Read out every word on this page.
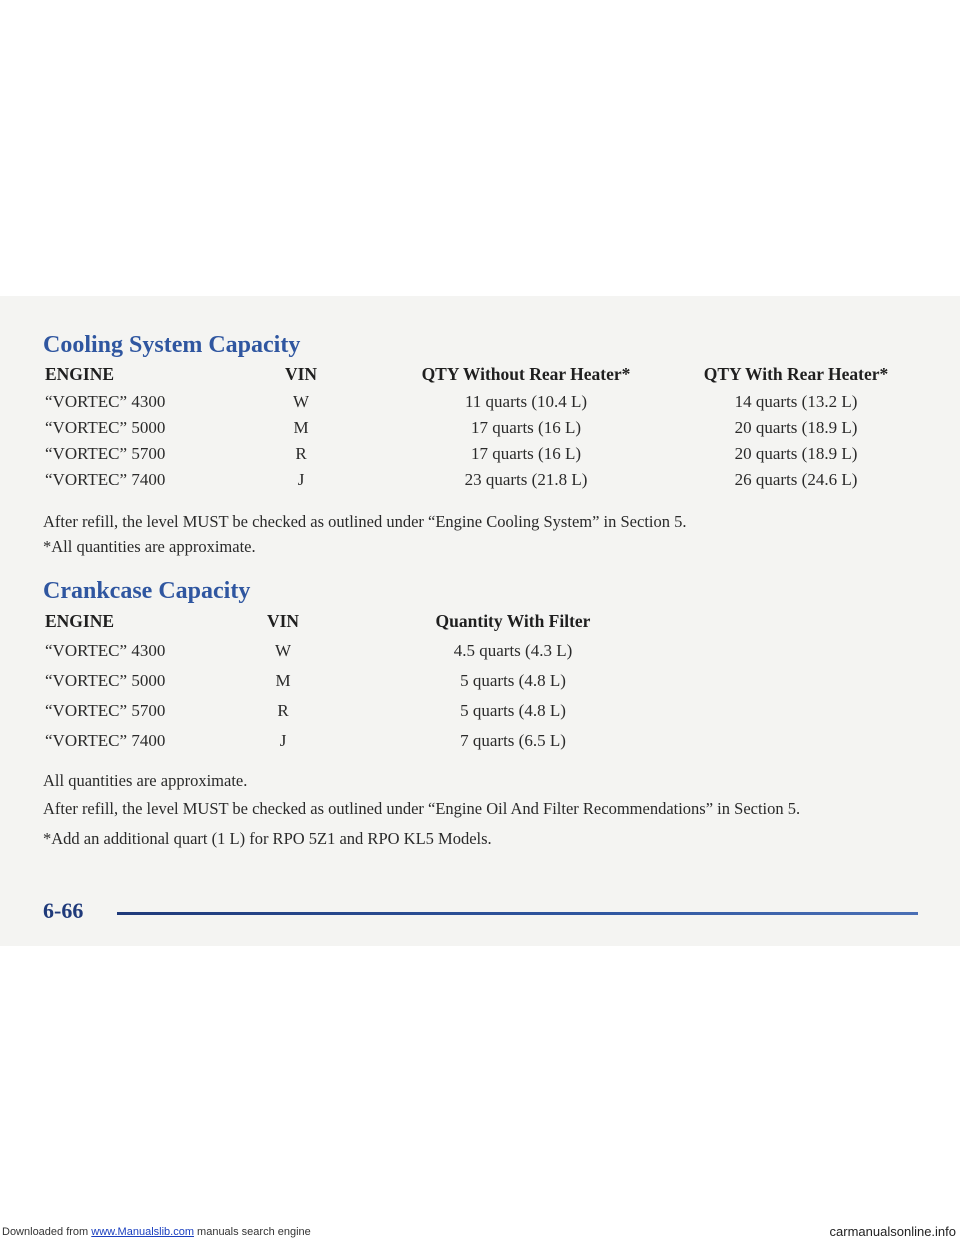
Cooling System Capacity
ENGINE	VIN	QTY Without Rear Heater*	QTY With Rear Heater*
“VORTEC” 4300	W	11 quarts (10.4 L)	14 quarts (13.2 L)
“VORTEC” 5000	M	17 quarts (16 L)	20 quarts (18.9 L)
“VORTEC” 5700	R	17 quarts (16 L)	20 quarts (18.9 L)
“VORTEC” 7400	J	23 quarts (21.8 L)	26 quarts (24.6 L)
After refill, the level MUST be checked as outlined under “Engine Cooling System” in Section 5.
*All quantities are approximate.
Crankcase Capacity
ENGINE	VIN	Quantity With Filter
“VORTEC” 4300	W	4.5 quarts (4.3 L)
“VORTEC” 5000	M	5 quarts (4.8 L)
“VORTEC” 5700	R	5 quarts (4.8 L)
“VORTEC” 7400	J	7 quarts (6.5 L)
All quantities are approximate.
After refill, the level MUST be checked as outlined under “Engine Oil And Filter Recommendations” in Section 5.
*Add an additional quart (1 L) for RPO 5Z1 and RPO KL5 Models.
6-66
Downloaded from www.Manualslib.com manuals search engine	carmanualsonline.info
